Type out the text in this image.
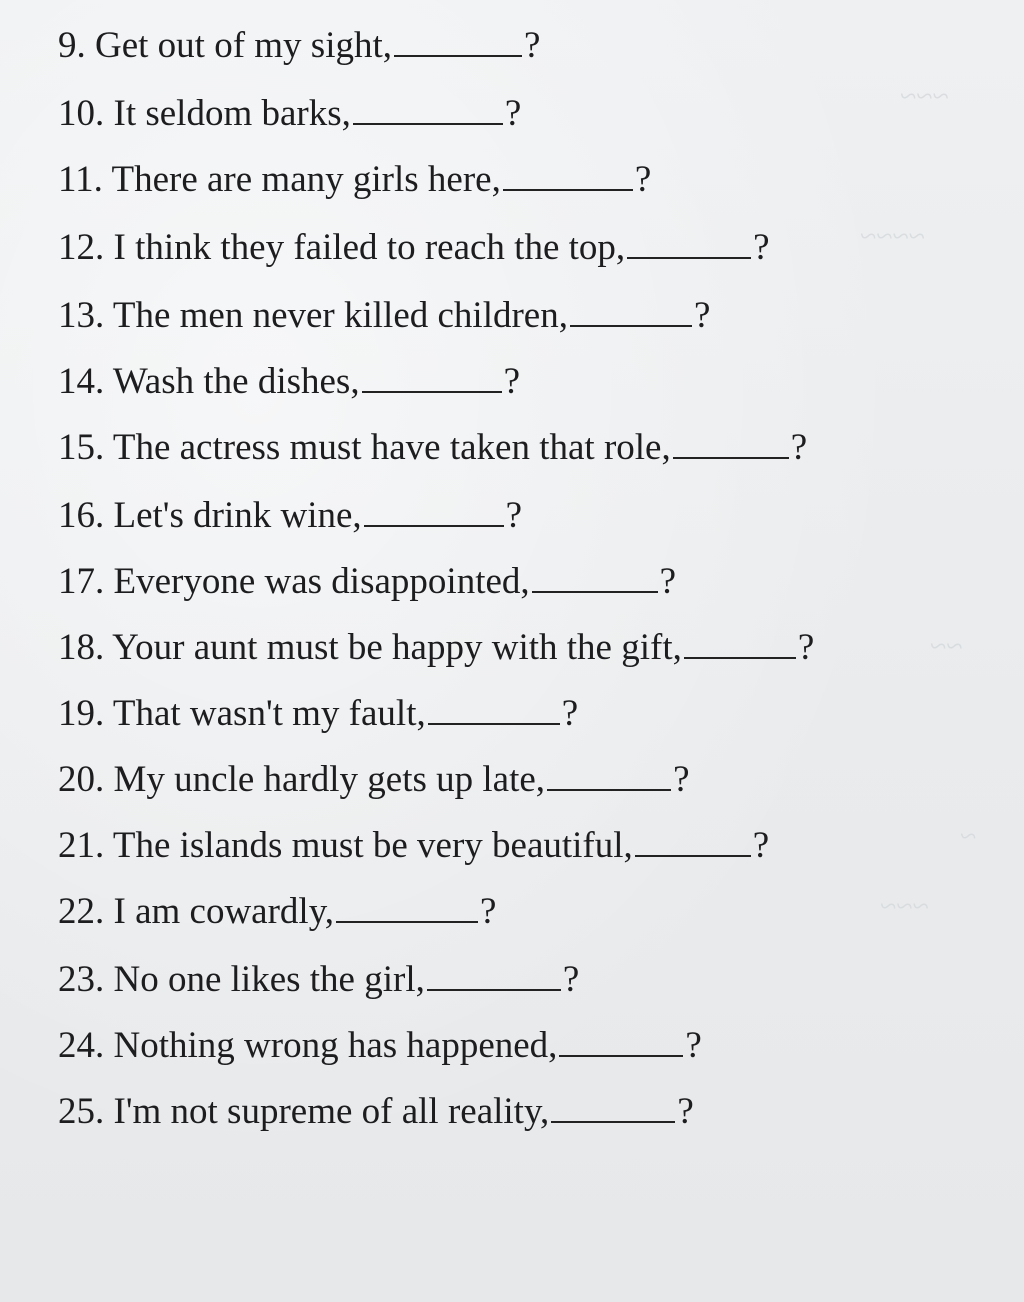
~~~
~~~~
~~
~~~
~
9. Get out of my sight,	?
10. It seldom barks,	?
11. There are many girls here,	?
12. I think they failed to reach the top,	?
13. The men never killed children,	?
14. Wash the dishes,	?
15. The actress must have taken that role,	?
16. Let's drink wine,	?
17. Everyone was disappointed,	?
18. Your aunt must be happy with the gift,	?
19. That wasn't my fault,	?
20. My uncle hardly gets up late,	?
21. The islands must be very beautiful,	?
22. I am cowardly,	?
23. No one likes the girl,	?
24. Nothing wrong has happened,	?
25. I'm not supreme of all reality,	?
